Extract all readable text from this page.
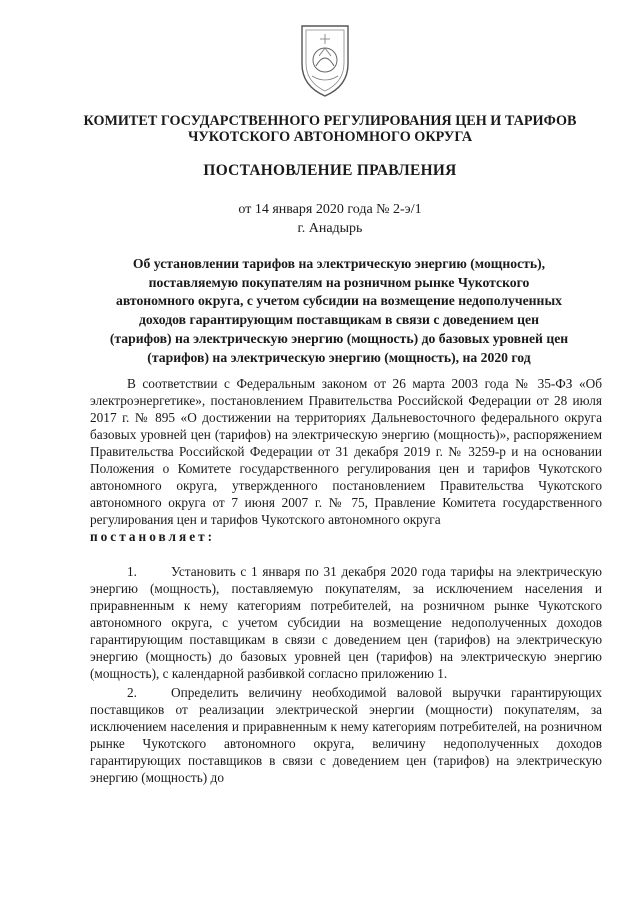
КОМИТЕТ ГОСУДАРСТВЕННОГО РЕГУЛИРОВАНИЯ ЦЕН И ТАРИФОВ
ЧУКОТСКОГО АВТОНОМНОГО ОКРУГА
ПОСТАНОВЛЕНИЕ ПРАВЛЕНИЯ
от 14 января 2020 года № 2-э/1
г. Анадырь
Об установлении тарифов на электрическую энергию (мощность),
поставляемую покупателям на розничном рынке Чукотского
автономного округа, с учетом субсидии на возмещение недополученных
доходов гарантирующим поставщикам в связи с доведением цен
(тарифов) на электрическую энергию (мощность) до базовых уровней цен
(тарифов) на электрическую энергию (мощность), на 2020 год

В соответствии с Федеральным законом от 26 марта 2003 года № 35-ФЗ «Об электроэнергетике», постановлением Правительства Российской Федерации от 28 июля 2017 г. № 895 «О достижении на территориях Дальневосточного федерального округа базовых уровней цен (тарифов) на электрическую энергию (мощность)», распоряжением Правительства Российской Федерации от 31 декабря 2019 г. № 3259-р и на основании Положения о Комитете государственного регулирования цен и тарифов Чукотского автономного округа, утвержденного постановлением Правительства Чукотского автономного округа от 7 июня 2007 г. № 75, Правление Комитета государственного регулирования цен и тарифов Чукотского автономного округа

постановляет:

1.	Установить с 1 января по 31 декабря 2020 года тарифы на электрическую энергию (мощность), поставляемую покупателям, за исключением населения и приравненным к нему категориям потребителей, на розничном рынке Чукотского автономного округа, с учетом субсидии на возмещение недополученных доходов гарантирующим поставщикам в связи с доведением цен (тарифов) на электрическую энергию (мощность) до базовых уровней цен (тарифов) на электрическую энергию (мощность), с календарной разбивкой согласно приложению 1.

2.	Определить величину необходимой валовой выручки гарантирующих поставщиков от реализации электрической энергии (мощности) покупателям, за исключением населения и приравненным к нему категориям потребителей, на розничном рынке Чукотского автономного округа, величину недополученных доходов гарантирующих поставщиков в связи с доведением цен (тарифов) на электрическую энергию (мощность) до
